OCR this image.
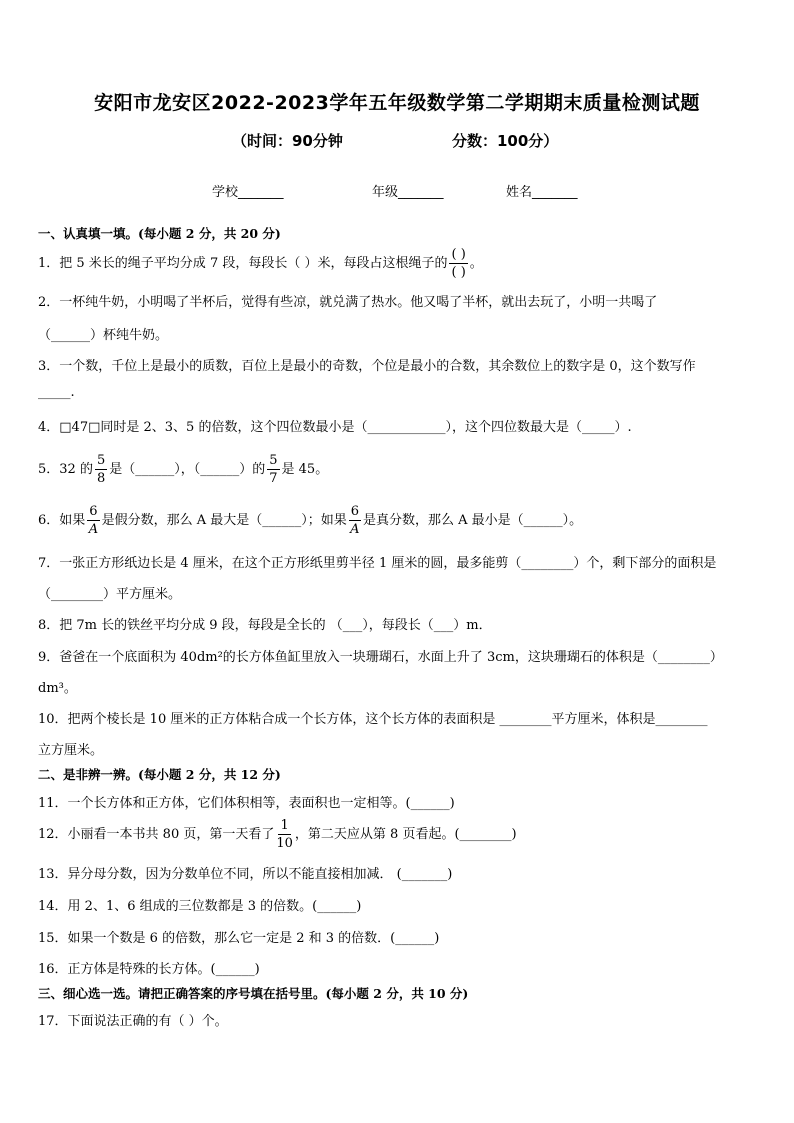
安阳市龙安区2022-2023学年五年级数学第二学期期末质量检测试题
（时间：90分钟	分数：100分）
学校_______	年级_______	姓名_______
一、认真填一填。(每小题 2 分，共 20 分)
1．把 5 米长的绳子平均分成 7 段，每段长（ ）米，每段占这根绳子的 $\frac{( )}{( )}$ 。
2．一杯纯牛奶，小明喝了半杯后，觉得有些凉，就兑满了热水。他又喝了半杯，就出去玩了，小明一共喝了
（______）杯纯牛奶。
3．一个数，千位上是最小的质数，百位上是最小的奇数，个位是最小的合数，其余数位上的数字是 0，这个数写作
_____.
4．□47□同时是 2、3、5 的倍数，这个四位数最小是（____________），这个四位数最大是（_____）.
5．32 的 $\frac{5}{8}$ 是（______），（______）的 $\frac{5}{7}$ 是 45。
6．如果 $\frac{6}{A}$ 是假分数，那么 A 最大是（______）；如果 $\frac{6}{A}$ 是真分数，那么 A 最小是（______）。
7．一张正方形纸边长是 4 厘米，在这个正方形纸里剪半径 1 厘米的圆，最多能剪（________）个，剩下部分的面积是
（________）平方厘米。
8．把 7m 长的铁丝平均分成 9 段，每段是全长的 （___），每段长（___）m．
9．爸爸在一个底面积为 40dm²的长方体鱼缸里放入一块珊瑚石，水面上升了 3cm，这块珊瑚石的体积是（________）
dm³。
10．把两个棱长是 10 厘米的正方体粘合成一个长方体，这个长方体的表面积是 ________平方厘米，体积是________
立方厘米。
二、是非辨一辨。(每小题 2 分，共 12 分)
11．一个长方体和正方体，它们体积相等，表面积也一定相等。(______)
12．小丽看一本书共 80 页，第一天看了 $\frac{1}{10}$ ，第二天应从第 8 页看起。(________)
13．异分母分数，因为分数单位不同，所以不能直接相加减． (_______)
14．用 2、1、6 组成的三位数都是 3 的倍数。(______)
15．如果一个数是 6 的倍数，那么它一定是 2 和 3 的倍数．(______)
16．正方体是特殊的长方体。(______)
三、细心选一选。请把正确答案的序号填在括号里。(每小题 2 分，共 10 分)
17．下面说法正确的有（ ）个。
